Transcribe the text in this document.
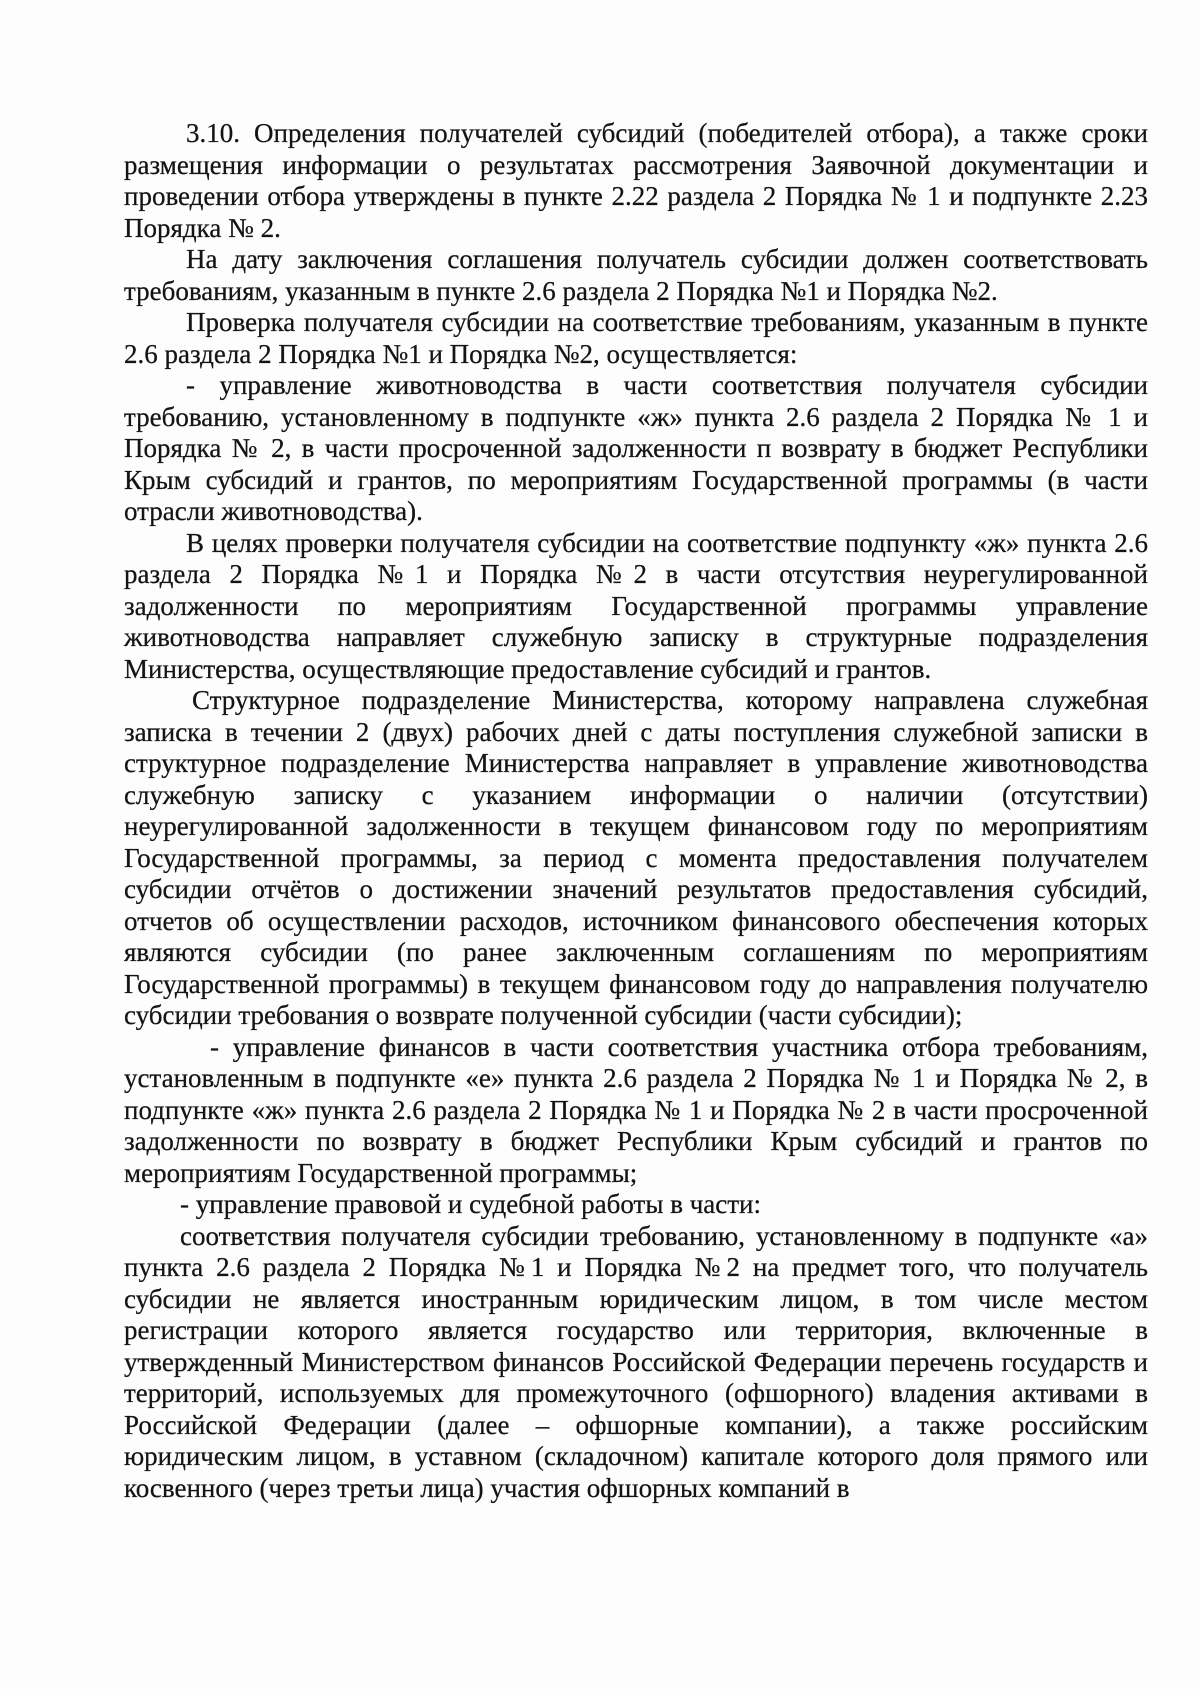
3.10. Определения получателей субсидий (победителей отбора), а также сроки размещения информации о результатах рассмотрения Заявочной документации и проведении отбора утверждены в пункте 2.22 раздела 2 Порядка № 1 и подпункте 2.23 Порядка № 2.

На дату заключения соглашения получатель субсидии должен соответствовать требованиям, указанным в пункте 2.6 раздела 2 Порядка №1 и Порядка №2.

Проверка получателя субсидии на соответствие требованиям, указанным в пункте 2.6 раздела 2 Порядка №1 и Порядка №2, осуществляется:

- управление животноводства в части соответствия получателя субсидии требованию, установленному в подпункте «ж» пункта 2.6 раздела 2 Порядка № 1 и Порядка № 2, в части просроченной задолженности п возврату в бюджет Республики Крым субсидий и грантов, по мероприятиям Государственной программы (в части отрасли животноводства).

В целях проверки получателя субсидии на соответствие подпункту «ж» пункта 2.6 раздела 2 Порядка №1 и Порядка №2 в части отсутствия неурегулированной задолженности по мероприятиям Государственной программы управление животноводства направляет служебную записку в структурные подразделения Министерства, осуществляющие предоставление субсидий и грантов.

Структурное подразделение Министерства, которому направлена служебная записка в течении 2 (двух) рабочих дней с даты поступления служебной записки в структурное подразделение Министерства направляет в управление животноводства служебную записку с указанием информации о наличии (отсутствии) неурегулированной задолженности в текущем финансовом году по мероприятиям Государственной программы, за период с момента предоставления получателем субсидии отчётов о достижении значений результатов предоставления субсидий, отчетов об осуществлении расходов, источником финансового обеспечения которых являются субсидии (по ранее заключенным соглашениям по мероприятиям Государственной программы) в текущем финансовом году до направления получателю субсидии требования о возврате полученной субсидии (части субсидии);

- управление финансов в части соответствия участника отбора требованиям, установленным в подпункте «е» пункта 2.6 раздела 2 Порядка № 1 и Порядка № 2, в подпункте «ж» пункта 2.6 раздела 2 Порядка № 1 и Порядка № 2 в части просроченной задолженности по возврату в бюджет Республики Крым субсидий и грантов по мероприятиям Государственной программы;

- управление правовой и судебной работы в части:

соответствия получателя субсидии требованию, установленному в подпункте «а» пункта 2.6 раздела 2 Порядка №1 и Порядка №2 на предмет того, что получатель субсидии не является иностранным юридическим лицом, в том числе местом регистрации которого является государство или территория, включенные в утвержденный Министерством финансов Российской Федерации перечень государств и территорий, используемых для промежуточного (офшорного) владения активами в Российской Федерации (далее – офшорные компании), а также российским юридическим лицом, в уставном (складочном) капитале которого доля прямого или косвенного (через третьи лица) участия офшорных компаний в
